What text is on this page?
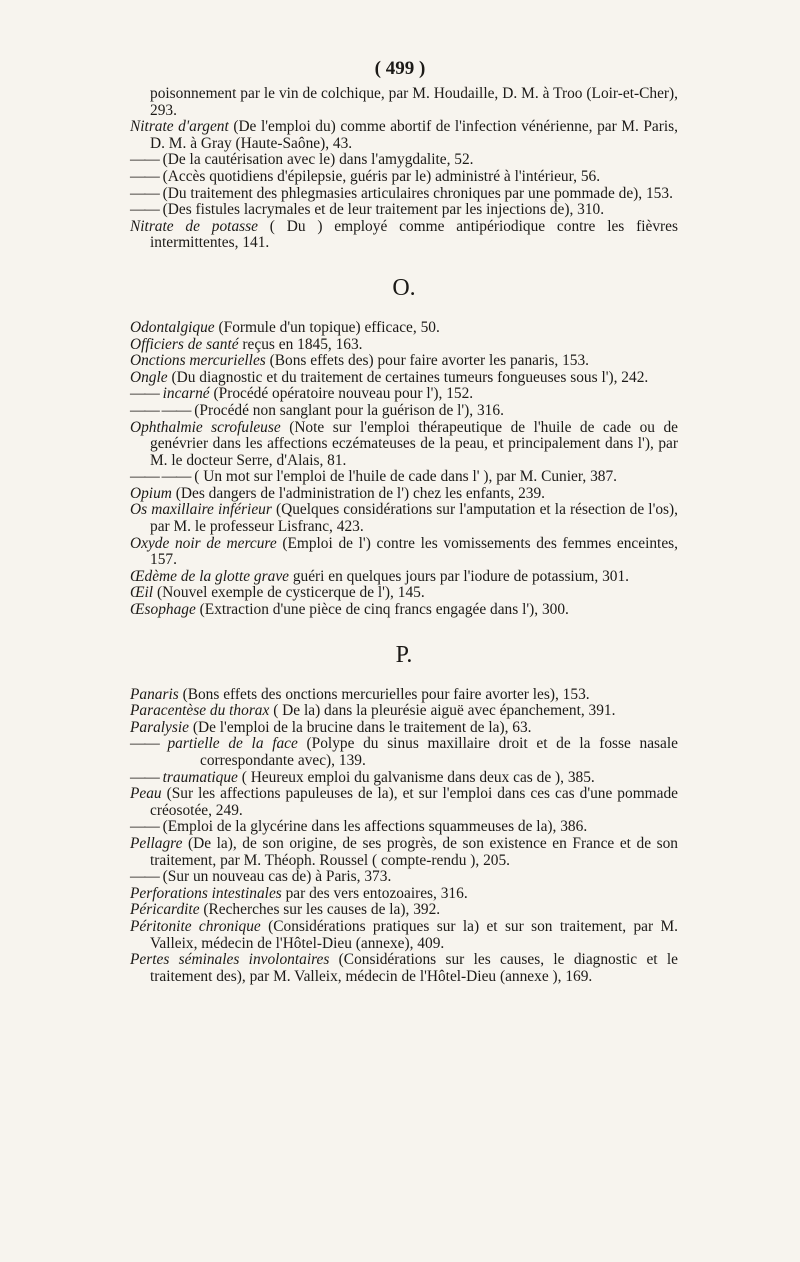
( 499 )

poisonnement par le vin de colchique, par M. Houdaille, D. M. à Troo (Loir-et-Cher), 293.

Nitrate d'argent (De l'emploi du) comme abortif de l'infection vénérienne, par M. Paris, D. M. à Gray (Haute-Saône), 43.

—— (De la cautérisation avec le) dans l'amygdalite, 52.

—— (Accès quotidiens d'épilepsie, guéris par le) administré à l'intérieur, 56.

—— (Du traitement des phlegmasies articulaires chroniques par une pommade de), 153.

—— (Des fistules lacrymales et de leur traitement par les injections de), 310.

Nitrate de potasse ( Du ) employé comme antipériodique contre les fièvres intermittentes, 141.

O.

Odontalgique (Formule d'un topique) efficace, 50.

Officiers de santé reçus en 1845, 163.

Onctions mercurielles (Bons effets des) pour faire avorter les panaris, 153.

Ongle (Du diagnostic et du traitement de certaines tumeurs fongueuses sous l'), 242.

—— incarné (Procédé opératoire nouveau pour l'), 152.

—— —— (Procédé non sanglant pour la guérison de l'), 316.

Ophthalmie scrofuleuse (Note sur l'emploi thérapeutique de l'huile de cade ou de genévrier dans les affections eczémateuses de la peau, et principalement dans l'), par M. le docteur Serre, d'Alais, 81.

—— —— ( Un mot sur l'emploi de l'huile de cade dans l' ), par M. Cunier, 387.

Opium (Des dangers de l'administration de l') chez les enfants, 239.

Os maxillaire inférieur (Quelques considérations sur l'amputation et la résection de l'os), par M. le professeur Lisfranc, 423.

Oxyde noir de mercure (Emploi de l') contre les vomissements des femmes enceintes, 157.

Œdème de la glotte grave guéri en quelques jours par l'iodure de potassium, 301.

Œil (Nouvel exemple de cysticerque de l'), 145.

Œsophage (Extraction d'une pièce de cinq francs engagée dans l'), 300.

P.

Panaris (Bons effets des onctions mercurielles pour faire avorter les), 153.

Paracentèse du thorax ( De la) dans la pleurésie aiguë avec épanchement, 391.

Paralysie (De l'emploi de la brucine dans le traitement de la), 63.

—— partielle de la face (Polype du sinus maxillaire droit et de la fosse nasale correspondante avec), 139.

—— traumatique ( Heureux emploi du galvanisme dans deux cas de ), 385.

Peau (Sur les affections papuleuses de la), et sur l'emploi dans ces cas d'une pommade créosotée, 249.

—— (Emploi de la glycérine dans les affections squammeuses de la), 386.

Pellagre (De la), de son origine, de ses progrès, de son existence en France et de son traitement, par M. Théoph. Roussel ( compte-rendu ), 205.

—— (Sur un nouveau cas de) à Paris, 373.

Perforations intestinales par des vers entozoaires, 316.

Péricardite (Recherches sur les causes de la), 392.

Péritonite chronique (Considérations pratiques sur la) et sur son traitement, par M. Valleix, médecin de l'Hôtel-Dieu (annexe), 409.

Pertes séminales involontaires (Considérations sur les causes, le diagnostic et le traitement des), par M. Valleix, médecin de l'Hôtel-Dieu (annexe ), 169.
